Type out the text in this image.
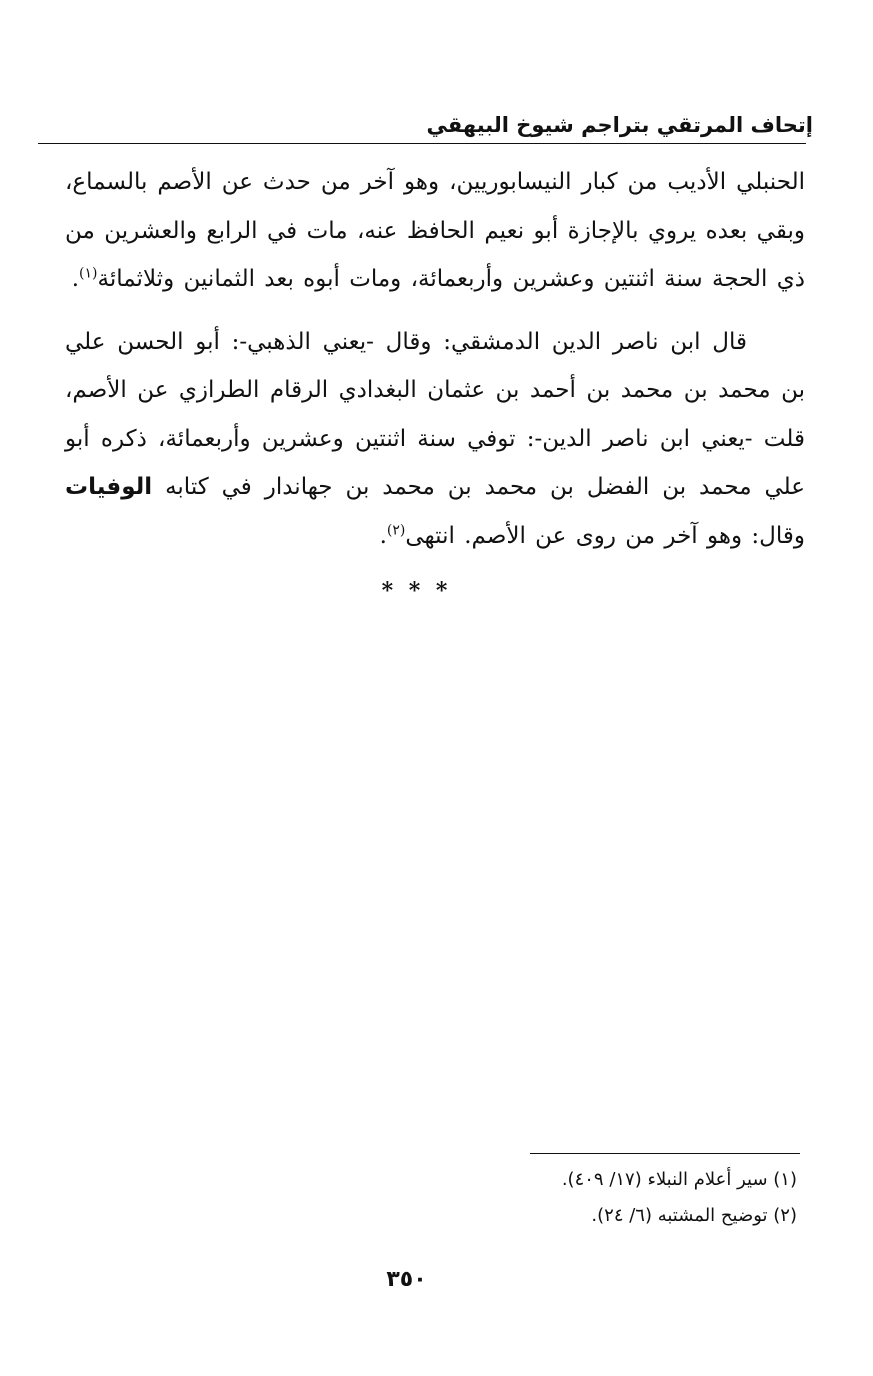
إتحاف المرتقي بتراجم شيوخ البيهقي

الحنبلي الأديب من كبار النيسابوريين، وهو آخر من حدث عن الأصم بالسماع، وبقي بعده يروي بالإجازة أبو نعيم الحافظ عنه، مات في الرابع والعشرين من ذي الحجة سنة اثنتين وعشرين وأربعمائة، ومات أبوه بعد الثمانين وثلاثمائة$^{(١)}$.

قال ابن ناصر الدين الدمشقي: وقال -يعني الذهبي-: أبو الحسن علي بن محمد بن محمد بن أحمد بن عثمان البغدادي الرقام الطرازي عن الأصم، قلت -يعني ابن ناصر الدين-: توفي سنة اثنتين وعشرين وأربعمائة، ذكره أبو علي محمد بن الفضل بن محمد بن محمد بن جهاندار في كتابه الوفيات وقال: وهو آخر من روى عن الأصم. انتهى$^{(٢)}$.

* * *

(١) سير أعلام النبلاء (١٧/ ٤٠٩).

(٢) توضيح المشتبه (٦/ ٢٤).

٣٥٠
